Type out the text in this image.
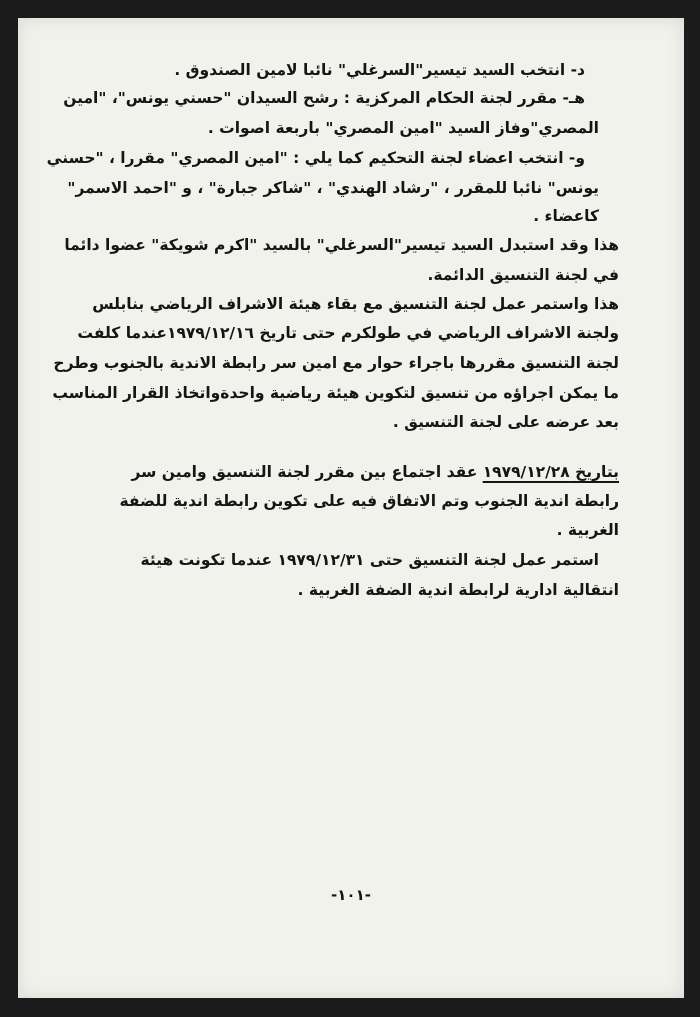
د- انتخب السيد تيسير"السرغلي" نائبا لامين الصندوق .
هـ- مقرر لجنة الحكام المركزية : رشح السيدان "حسني يونس"، "امين
المصري"وفاز السيد "امين المصري" باربعة اصوات .
و- انتخب اعضاء لجنة التحكيم كما يلي : "امين المصري" مقررا ، "حسني
يونس" نائبا للمقرر ، "رشاد الهندي" ، "شاكر جبارة" ، و "احمد الاسمر"
كاعضاء .
هذا وقد استبدل السيد تيسير"السرغلي" بالسيد "اكرم شويكة" عضوا دائما
في لجنة التنسيق الدائمة.
هذا واستمر عمل لجنة التنسيق مع بقاء هيئة الاشراف الرياضي بنابلس
ولجنة الاشراف الرياضي في طولكرم حتى تاريخ ١٩٧٩/١٢/١٦عندما كلفت
لجنة التنسيق مقررها باجراء حوار مع امين سر رابطة الاندية بالجنوب وطرح
ما يمكن اجراؤه من تنسيق لتكوين هيئة رياضية واحدةواتخاذ القرار المناسب
بعد عرضه على لجنة التنسيق .
بتاريخ ١٩٧٩/١٢/٢٨ عقد اجتماع بين مقرر لجنة التنسيق وامين سر
رابطة اندية الجنوب وتم الاتفاق فيه على تكوين رابطة اندية للضفة
الغربية .
استمر عمل لجنة التنسيق حتى ١٩٧٩/١٢/٣١ عندما تكونت هيئة
انتقالية ادارية لرابطة اندية الضفة الغربية .
-١٠١-
